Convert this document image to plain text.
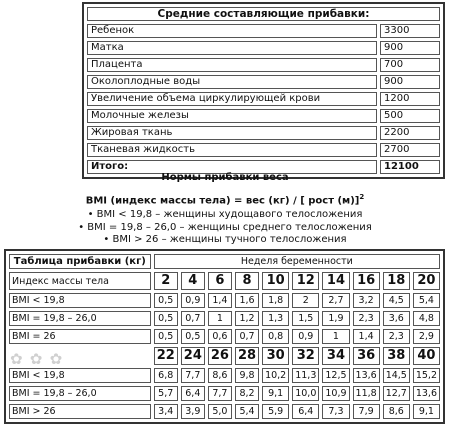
Средние составляющие прибавки:	
Ребенок	3300
Матка	900
Плацента	700
Околоплодные воды	900
Увеличение объема циркулирующей крови	1200
Молочные железы	500
Жировая ткань	2200
Тканевая жидкость	2700
Итого:	12100
Нормы прибавки веса
BMI (индекс массы тела) = вес (кг) / [ рост (м)]$^2$
• BMI < 19,8 – женщины худощавого телосложения
• BMI = 19,8 – 26,0 – женщины среднего телосложения
• BMI > 26 – женщины тучного телосложения
Таблица прибавки (кг)	Неделя беременности									
Индекс массы тела	2	4	6	8	10	12	14	16	18	20
BMI < 19,8	0,5	0,9	1,4	1,6	1,8	2	2,7	3,2	4,5	5,4
BMI = 19,8 – 26,0	0,5	0,7	1	1,2	1,3	1,5	1,9	2,3	3,6	4,8
BMI = 26	0,5	0,5	0,6	0,7	0,8	0,9	1	1,4	2,3	2,9
	22	24	26	28	30	32	34	36	38	40
BMI < 19,8	6,8	7,7	8,6	9,8	10,2	11,3	12,5	13,6	14,5	15,2
BMI = 19,8 – 26,0	5,7	6,4	7,7	8,2	9,1	10,0	10,9	11,8	12,7	13,6
BMI > 26	3,4	3,9	5,0	5,4	5,9	6,4	7,3	7,9	8,6	9,1
✿ ✿ ✿
